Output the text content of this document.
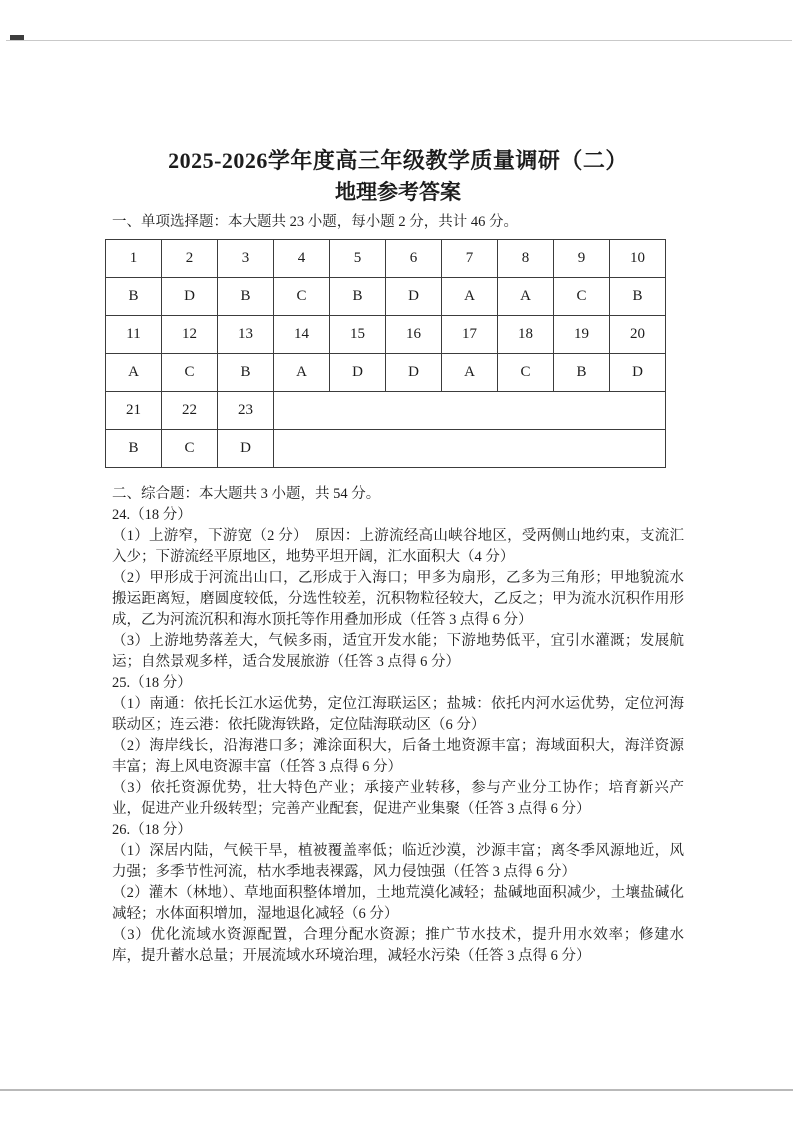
2025-2026学年度高三年级教学质量调研（二）
地理参考答案
一、单项选择题：本大题共 23 小题，每小题 2 分，共计 46 分。
1	2	3	4	5	6	7	8	9	10
B	D	B	C	B	D	A	A	C	B
11	12	13	14	15	16	17	18	19	20
A	C	B	A	D	D	A	C	B	D
21	22	23							
B	C	D							

二、综合题：本大题共 3 小题，共 54 分。

24.（18 分）

（1）上游窄，下游宽（2 分）　原因：上游流经高山峡谷地区，受两侧山地约束，支流汇入少；下游流经平原地区，地势平坦开阔，汇水面积大（4 分）

（2）甲形成于河流出山口，乙形成于入海口；甲多为扇形，乙多为三角形；甲地貌流水搬运距离短，磨圆度较低，分选性较差，沉积物粒径较大，乙反之；甲为流水沉积作用形成，乙为河流沉积和海水顶托等作用叠加形成（任答 3 点得 6 分）

（3）上游地势落差大，气候多雨，适宜开发水能；下游地势低平，宜引水灌溉；发展航运；自然景观多样，适合发展旅游（任答 3 点得 6 分）

25.（18 分）

（1）南通：依托长江水运优势，定位江海联运区；盐城：依托内河水运优势，定位河海联动区；连云港：依托陇海铁路，定位陆海联动区（6 分）

（2）海岸线长，沿海港口多；滩涂面积大，后备土地资源丰富；海域面积大，海洋资源丰富；海上风电资源丰富（任答 3 点得 6 分）

（3）依托资源优势，壮大特色产业；承接产业转移，参与产业分工协作；培育新兴产业，促进产业升级转型；完善产业配套，促进产业集聚（任答 3 点得 6 分）

26.（18 分）

（1）深居内陆，气候干旱，植被覆盖率低；临近沙漠，沙源丰富；离冬季风源地近，风力强；多季节性河流，枯水季地表裸露，风力侵蚀强（任答 3 点得 6 分）

（2）灌木（林地）、草地面积整体增加，土地荒漠化减轻；盐碱地面积减少，土壤盐碱化减轻；水体面积增加，湿地退化减轻（6 分）

（3）优化流域水资源配置，合理分配水资源；推广节水技术，提升用水效率；修建水库，提升蓄水总量；开展流域水环境治理，减轻水污染（任答 3 点得 6 分）
